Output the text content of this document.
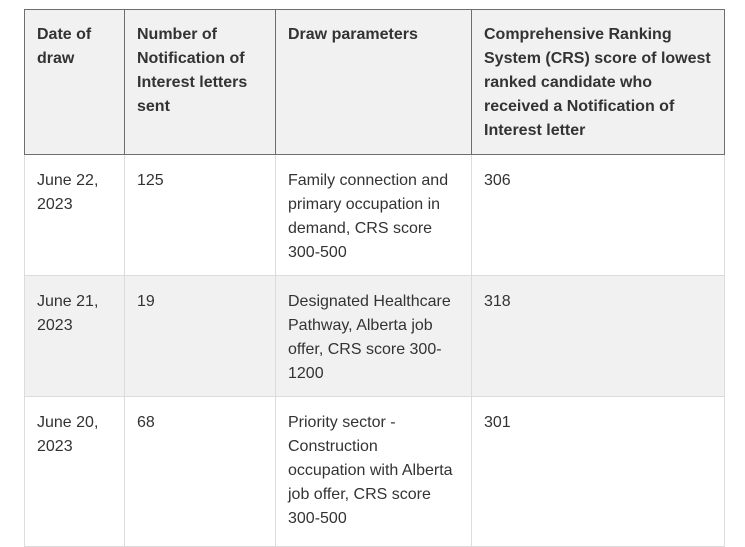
Date of draw	Number of Notification of Interest letters sent	Draw parameters	Comprehensive Ranking System (CRS) score of lowest ranked candidate who received a Notification of Interest letter
June 22, 2023	125	Family connection and primary occupation in demand, CRS score 300-500	306
June 21, 2023	19	Designated Healthcare Pathway, Alberta job offer, CRS score 300-1200	318
June 20, 2023	68	Priority sector - Construction occupation with Alberta job offer, CRS score 300-500	301
